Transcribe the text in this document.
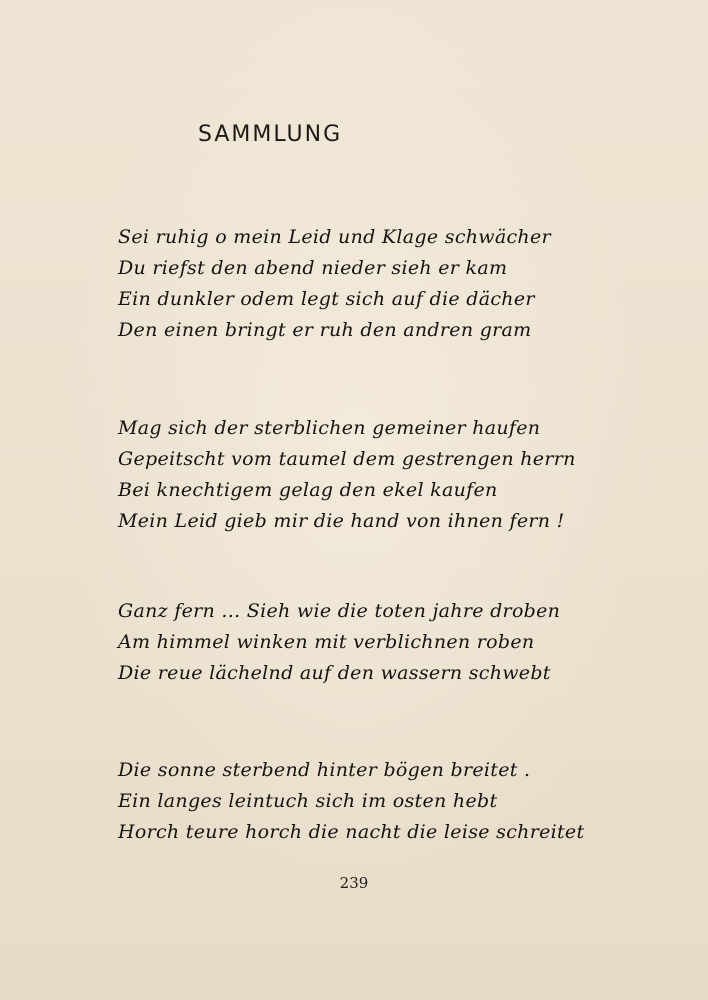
SAMMLUNG
Sei ruhig o mein Leid und Klage schwächer
Du riefst den abend nieder sieh er kam
Ein dunkler odem legt sich auf die dächer
Den einen bringt er ruh den andren gram
Mag sich der sterblichen gemeiner haufen
Gepeitscht vom taumel dem gestrengen herrn
Bei knechtigem gelag den ekel kaufen
Mein Leid gieb mir die hand von ihnen fern !
Ganz fern ... Sieh wie die toten jahre droben
Am himmel winken mit verblichnen roben
Die reue lächelnd auf den wassern schwebt
Die sonne sterbend hinter bögen breitet .
Ein langes leintuch sich im osten hebt
Horch teure horch die nacht die leise schreitet
239
